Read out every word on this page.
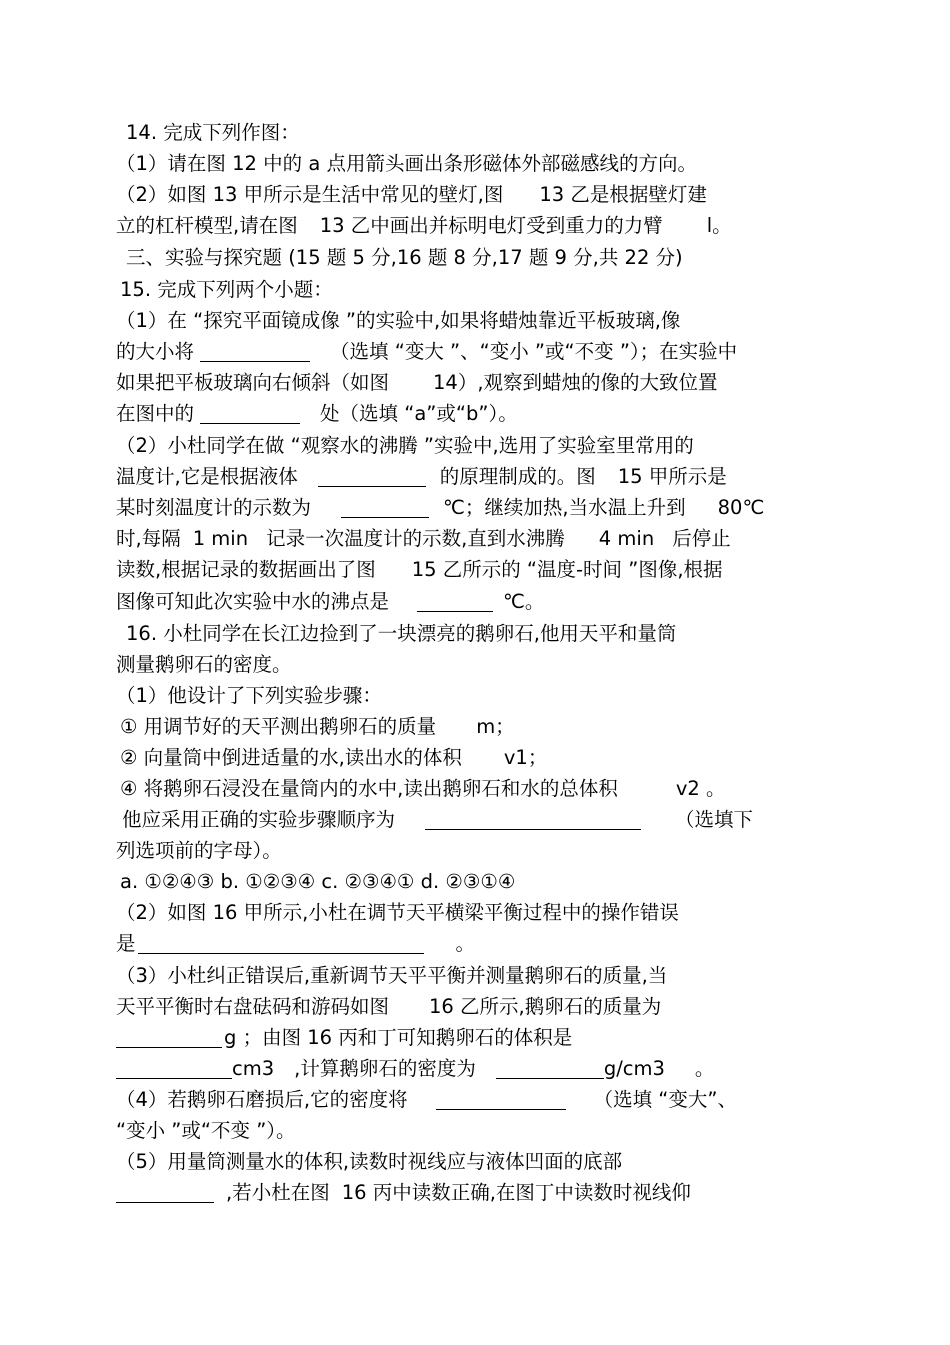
14. 完成下列作图：
（1）请在图 12 中的 a 点用箭头画出条形磁体外部磁感线的方向。
（2）如图 13 甲所示是生活中常见的壁灯,图 13 乙是根据壁灯建
立的杠杆模型,请在图 13 乙中画出并标明电灯受到重力的力臂 l。
三、实验与探究题 (15 题 5 分,16 题 8 分,17 题 9 分,共 22 分)
15. 完成下列两个小题：
（1）在 “探究平面镜成像 ”的实验中,如果将蜡烛靠近平板玻璃,像
的大小将	（选填 “变大 ”、“变小 ”或“不变 ”）；在实验中
如果把平板玻璃向右倾斜（如图 14）,观察到蜡烛的像的大致位置
在图中的	处（选填 “a”或“b”）。
（2）小杜同学在做 “观察水的沸腾 ”实验中,选用了实验室里常用的
温度计,它是根据液体	的原理制成的。图 15 甲所示是
某时刻温度计的示数为	℃；继续加热,当水温上升到 80℃
时,每隔 1 min 记录一次温度计的示数,直到水沸腾 4 min 后停止
读数,根据记录的数据画出了图 15 乙所示的 “温度-时间 ”图像,根据
图像可知此次实验中水的沸点是	℃。
16. 小杜同学在长江边捡到了一块漂亮的鹅卵石,他用天平和量筒
测量鹅卵石的密度。
（1）他设计了下列实验步骤：
① 用调节好的天平测出鹅卵石的质量 m；
② 向量筒中倒进适量的水,读出水的体积 v1；
④ 将鹅卵石浸没在量筒内的水中,读出鹅卵石和水的总体积	v2 。
他应采用正确的实验步骤顺序为	（选填下
列选项前的字母）。
a. ①②④③ b. ①②③④ c. ②③④① d. ②③①④
（2）如图 16 甲所示,小杜在调节天平横梁平衡过程中的操作错误
是	。
（3）小杜纠正错误后,重新调节天平平衡并测量鹅卵石的质量,当
天平平衡时右盘砝码和游码如图 16 乙所示,鹅卵石的质量为
g ；由图 16 丙和丁可知鹅卵石的体积是
cm3 ,计算鹅卵石的密度为	g/cm3 。
（4）若鹅卵石磨损后,它的密度将	（选填 “变大”、
“变小 ”或“不变 ”）。
（5）用量筒测量水的体积,读数时视线应与液体凹面的底部
,若小杜在图 16 丙中读数正确,在图丁中读数时视线仰
